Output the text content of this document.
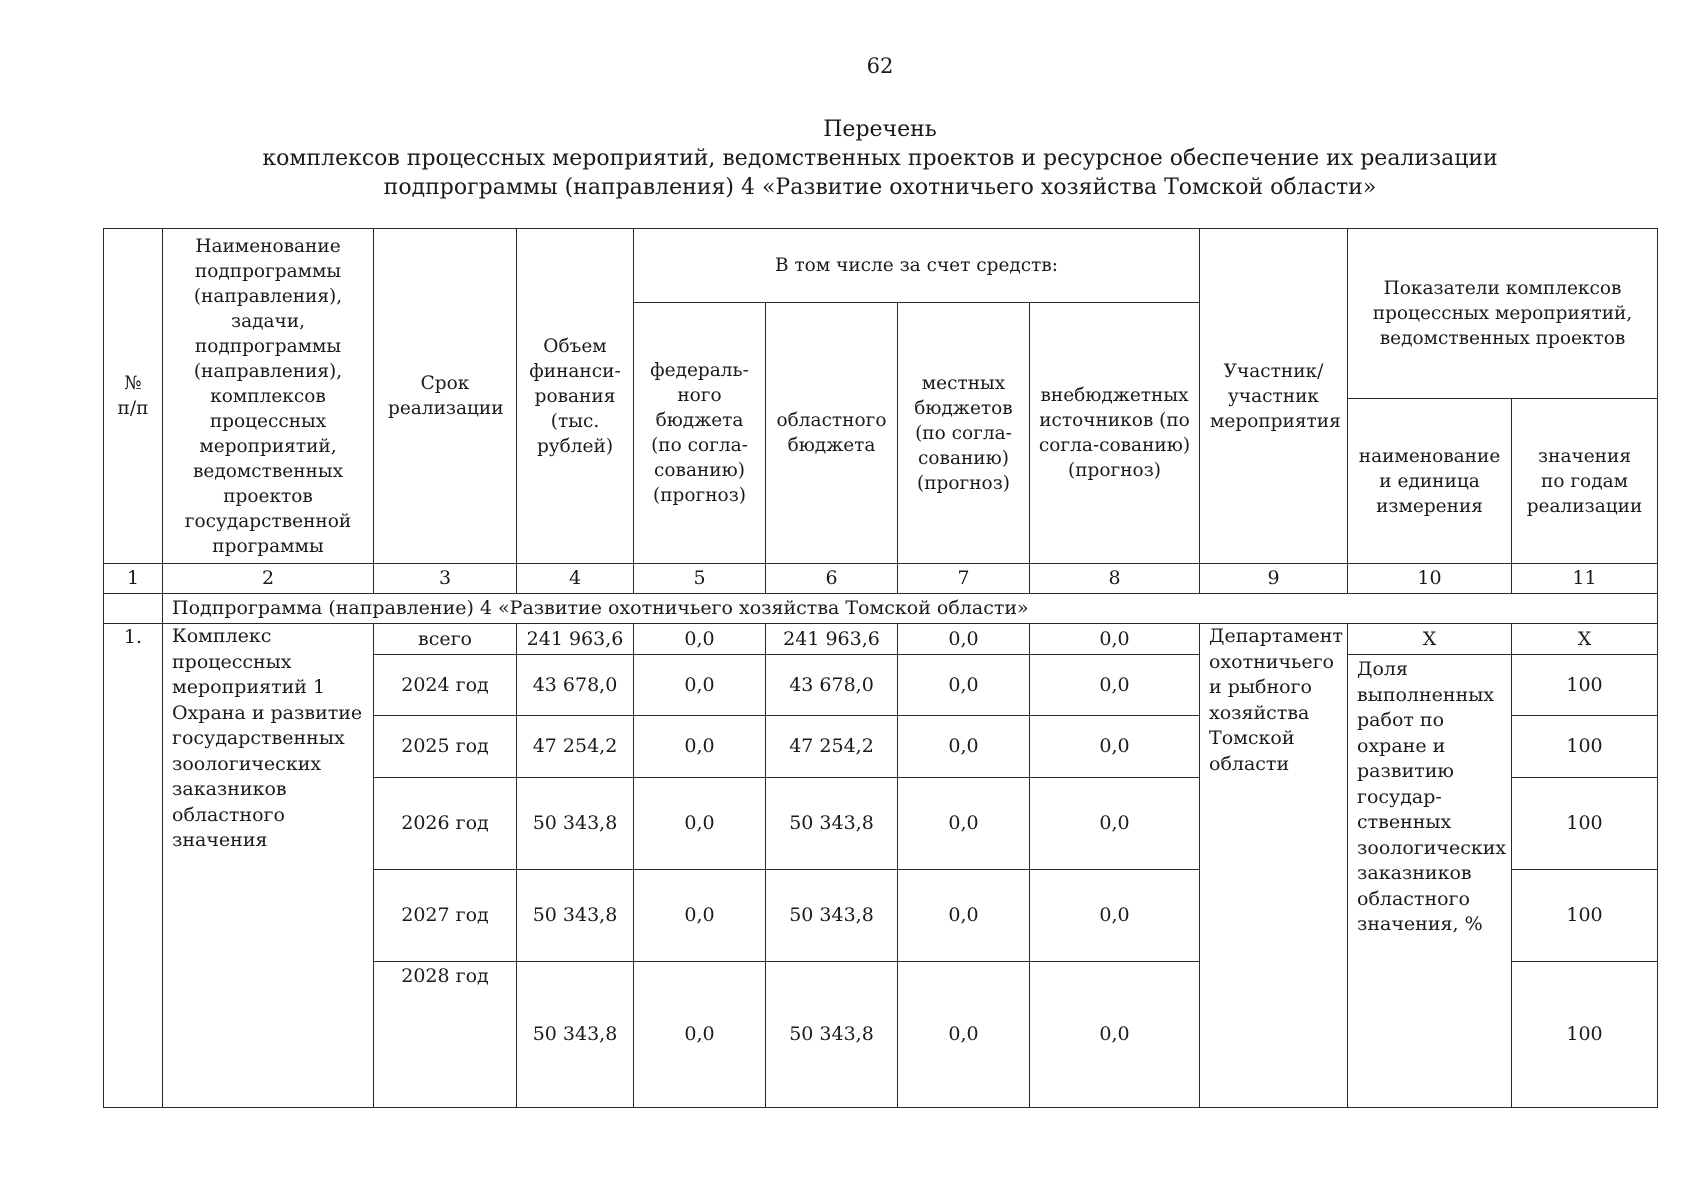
62
Перечень
комплексов процессных мероприятий, ведомственных проектов и ресурсное обеспечение их реализации
подпрограммы (направления) 4 «Развитие охотничьего хозяйства Томской области»
№ п/п	Наименование подпрограммы (направления), задачи, подпрограммы (направления), комплексов процессных мероприятий, ведомственных проектов государственной программы	Срок реализации	Объем финанси-рования (тыс. рублей)	В том числе за счет средств:				Участник/ участник мероприятия	Показатели комплексов процессных мероприятий, ведомственных проектов	
				федераль-ного бюджета (по согла-сованию) (прогноз)	областного бюджета	местных бюджетов (по согла-сованию) (прогноз)	внебюджетных источников (по согла-сованию) (прогноз)			
									наименование и единица измерения	значения по годам реализации
1	2	3	4	5	6	7	8	9	10	11
	Подпрограмма (направление) 4 «Развитие охотничьего хозяйства Томской области»									
1.	Комплекс процессных мероприятий 1 Охрана и развитие государственных зоологических заказников областного значения	всего	241 963,6	0,0	241 963,6	0,0	0,0	Департамент охотничьего и рыбного хозяйства Томской области	Х	Х
		2024 год	43 678,0	0,0	43 678,0	0,0	0,0		Доля выполненных работ по охране и развитию государ-ственных зоологических заказников областного значения, %	100
		2025 год	47 254,2	0,0	47 254,2	0,0	0,0			100
		2026 год	50 343,8	0,0	50 343,8	0,0	0,0			100
		2027 год	50 343,8	0,0	50 343,8	0,0	0,0			100
		2028 год	50 343,8	0,0	50 343,8	0,0	0,0			100
